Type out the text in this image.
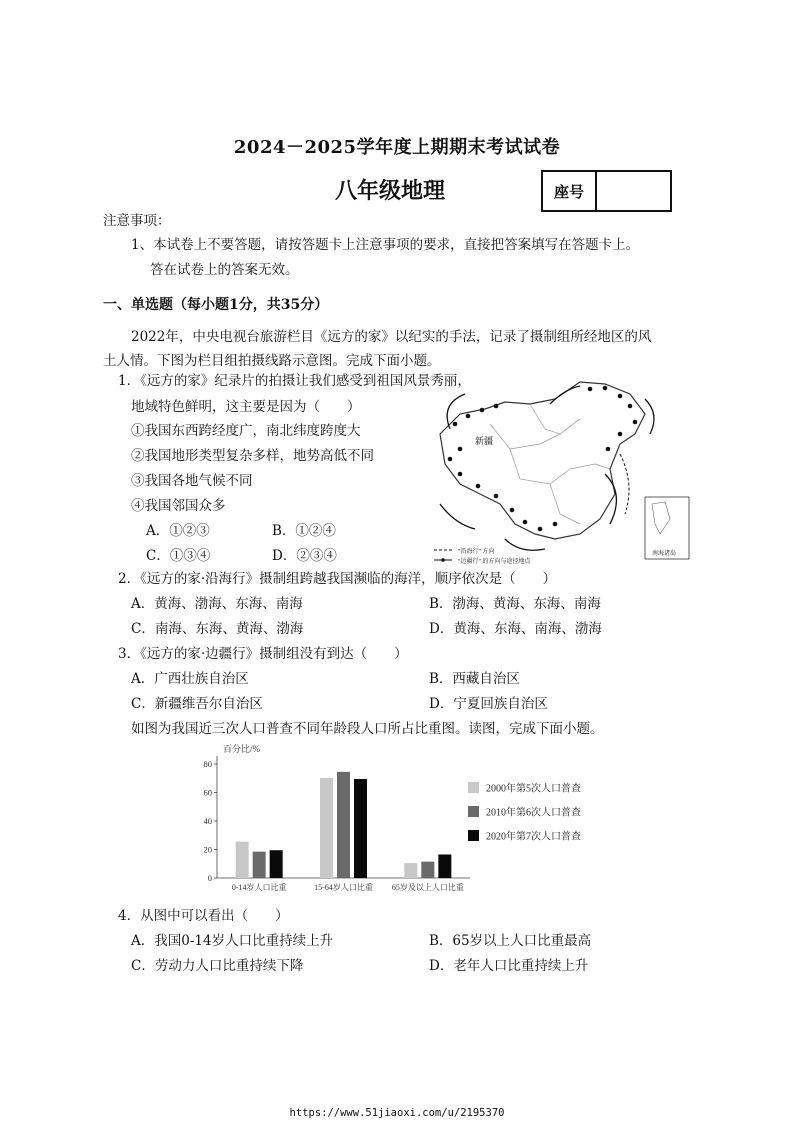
2024－2025学年度上期期末考试试卷
八年级地理	座号
注意事项：
1、本试卷上不要答题，请按答题卡上注意事项的要求，直接把答案填写在答题卡上。
答在试卷上的答案无效。
一、单选题（每小题1分，共35分）
2022年，中央电视台旅游栏目《远方的家》以纪实的手法，记录了摄制组所经地区的风
土人情。下图为栏目组拍摄线路示意图。完成下面小题。
1．《远方的家》纪录片的拍摄让我们感受到祖国风景秀丽，
地域特色鲜明，这主要是因为（　　）
①我国东西跨经度广，南北纬度跨度大
②我国地形类型复杂多样，地势高低不同
③我国各地气候不同
④我国邻国众多
A．①②③	B．①②④
C．①③④	D．②③④
新疆
"沿海行" 方向
"边疆行" 的方向与途径地点
南海诸岛
2．《远方的家·沿海行》摄制组跨越我国濒临的海洋，顺序依次是（　　）
A．黄海、渤海、东海、南海	B．渤海、黄海、东海、南海
C．南海、东海、黄海、渤海	D．黄海、东海、南海、渤海
3．《远方的家·边疆行》摄制组没有到达（　　）
A．广西壮族自治区	B．西藏自治区
C．新疆维吾尔自治区	D．宁夏回族自治区
如图为我国近三次人口普查不同年龄段人口所占比重图。读图，完成下面小题。
百分比/%
0
20
40
60
80
0-14岁人口比重	15-64岁人口比重 65岁及以上人口比重
2000年第5次人口普查
2010年第6次人口普查
2020年第7次人口普查
4．从图中可以看出（　　）
A．我国0-14岁人口比重持续上升	B．65岁以上人口比重最高
C．劳动力人口比重持续下降	D．老年人口比重持续上升
https://www.51jiaoxi.com/u/2195370
